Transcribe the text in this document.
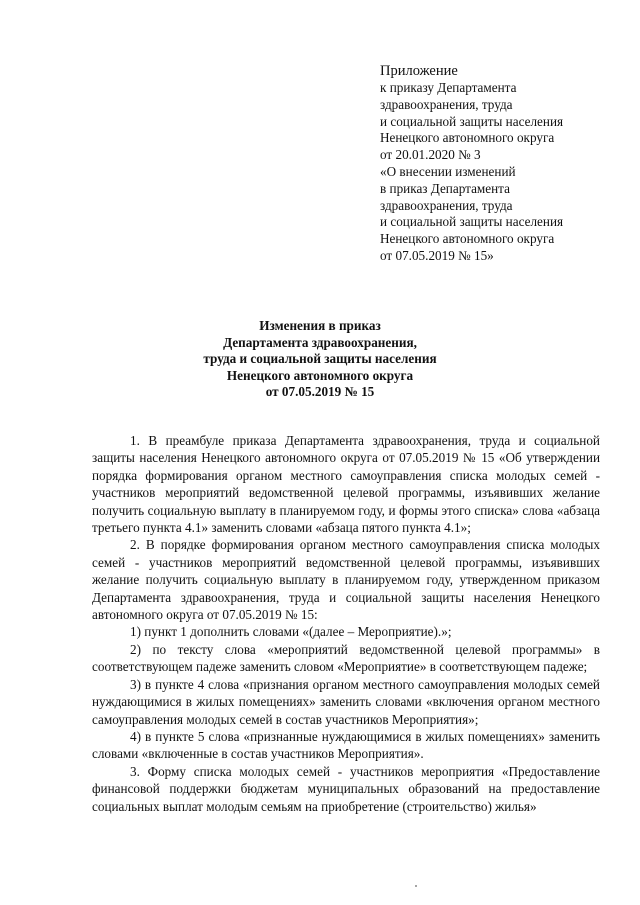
Приложение
к приказу Департамента
здравоохранения, труда
и социальной защиты населения
Ненецкого автономного округа
от 20.01.2020 № 3
«О внесении изменений
в приказ Департамента
здравоохранения, труда
и социальной защиты населения
Ненецкого автономного округа
от 07.05.2019 № 15»
Изменения в приказ
Департамента здравоохранения,
труда и социальной защиты населения
Ненецкого автономного округа
от 07.05.2019 № 15

1. В преамбуле приказа Департамента здравоохранения, труда и социальной защиты населения Ненецкого автономного округа от 07.05.2019 № 15 «Об утверждении порядка формирования органом местного самоуправления списка молодых семей - участников мероприятий ведомственной целевой программы, изъявивших желание получить социальную выплату в планируемом году, и формы этого списка» слова «абзаца третьего пункта 4.1» заменить словами «абзаца пятого пункта 4.1»;

2. В порядке формирования органом местного самоуправления списка молодых семей - участников мероприятий ведомственной целевой программы, изъявивших желание получить социальную выплату в планируемом году, утвержденном приказом Департамента здравоохранения, труда и социальной защиты населения Ненецкого автономного округа от 07.05.2019 № 15:

1) пункт 1 дополнить словами «(далее – Мероприятие).»;

2) по тексту слова «мероприятий ведомственной целевой программы» в соответствующем падеже заменить словом «Мероприятие» в соответствующем падеже;

3) в пункте 4 слова «признания органом местного самоуправления молодых семей нуждающимися в жилых помещениях» заменить словами «включения органом местного самоуправления молодых семей в состав участников Мероприятия»;

4) в пункте 5 слова «признанные нуждающимися в жилых помещениях» заменить словами «включенные в состав участников Мероприятия».

3. Форму списка молодых семей - участников мероприятия «Предоставление финансовой поддержки бюджетам муниципальных образований на предоставление социальных выплат молодым семьям на приобретение (строительство) жилья»
